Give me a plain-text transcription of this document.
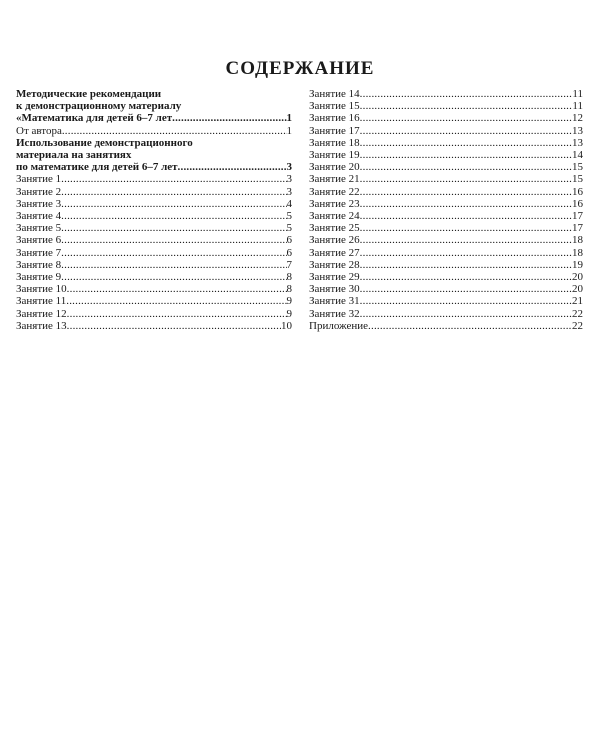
СОДЕРЖАНИЕ
Методические рекомендации
к демонстрационному материалу
«Математика для детей 6–7 лет .....	1
От автора .....	1
Использование демонстрационного
материала на занятиях
по математике для детей 6–7 лет .....	3
Занятие 1 .....	3
Занятие 2 .....	3
Занятие 3 .....	4
Занятие 4 .....	5
Занятие 5 .....	5
Занятие 6 .....	6
Занятие 7 .....	6
Занятие 8 .....	7
Занятие 9 .....	8
Занятие 10 .....	8
Занятие 11 .....	9
Занятие 12 .....	9
Занятие 13 .....	10
Занятие 14 .....	11
Занятие 15 .....	11
Занятие 16 .....	12
Занятие 17 .....	13
Занятие 18 .....	13
Занятие 19 .....	14
Занятие 20 .....	15
Занятие 21 .....	15
Занятие 22 .....	16
Занятие 23 .....	16
Занятие 24 .....	17
Занятие 25 .....	17
Занятие 26 .....	18
Занятие 27 .....	18
Занятие 28 .....	19
Занятие 29 .....	20
Занятие 30 .....	20
Занятие 31 .....	21
Занятие 32 .....	22
Приложение .....	22
